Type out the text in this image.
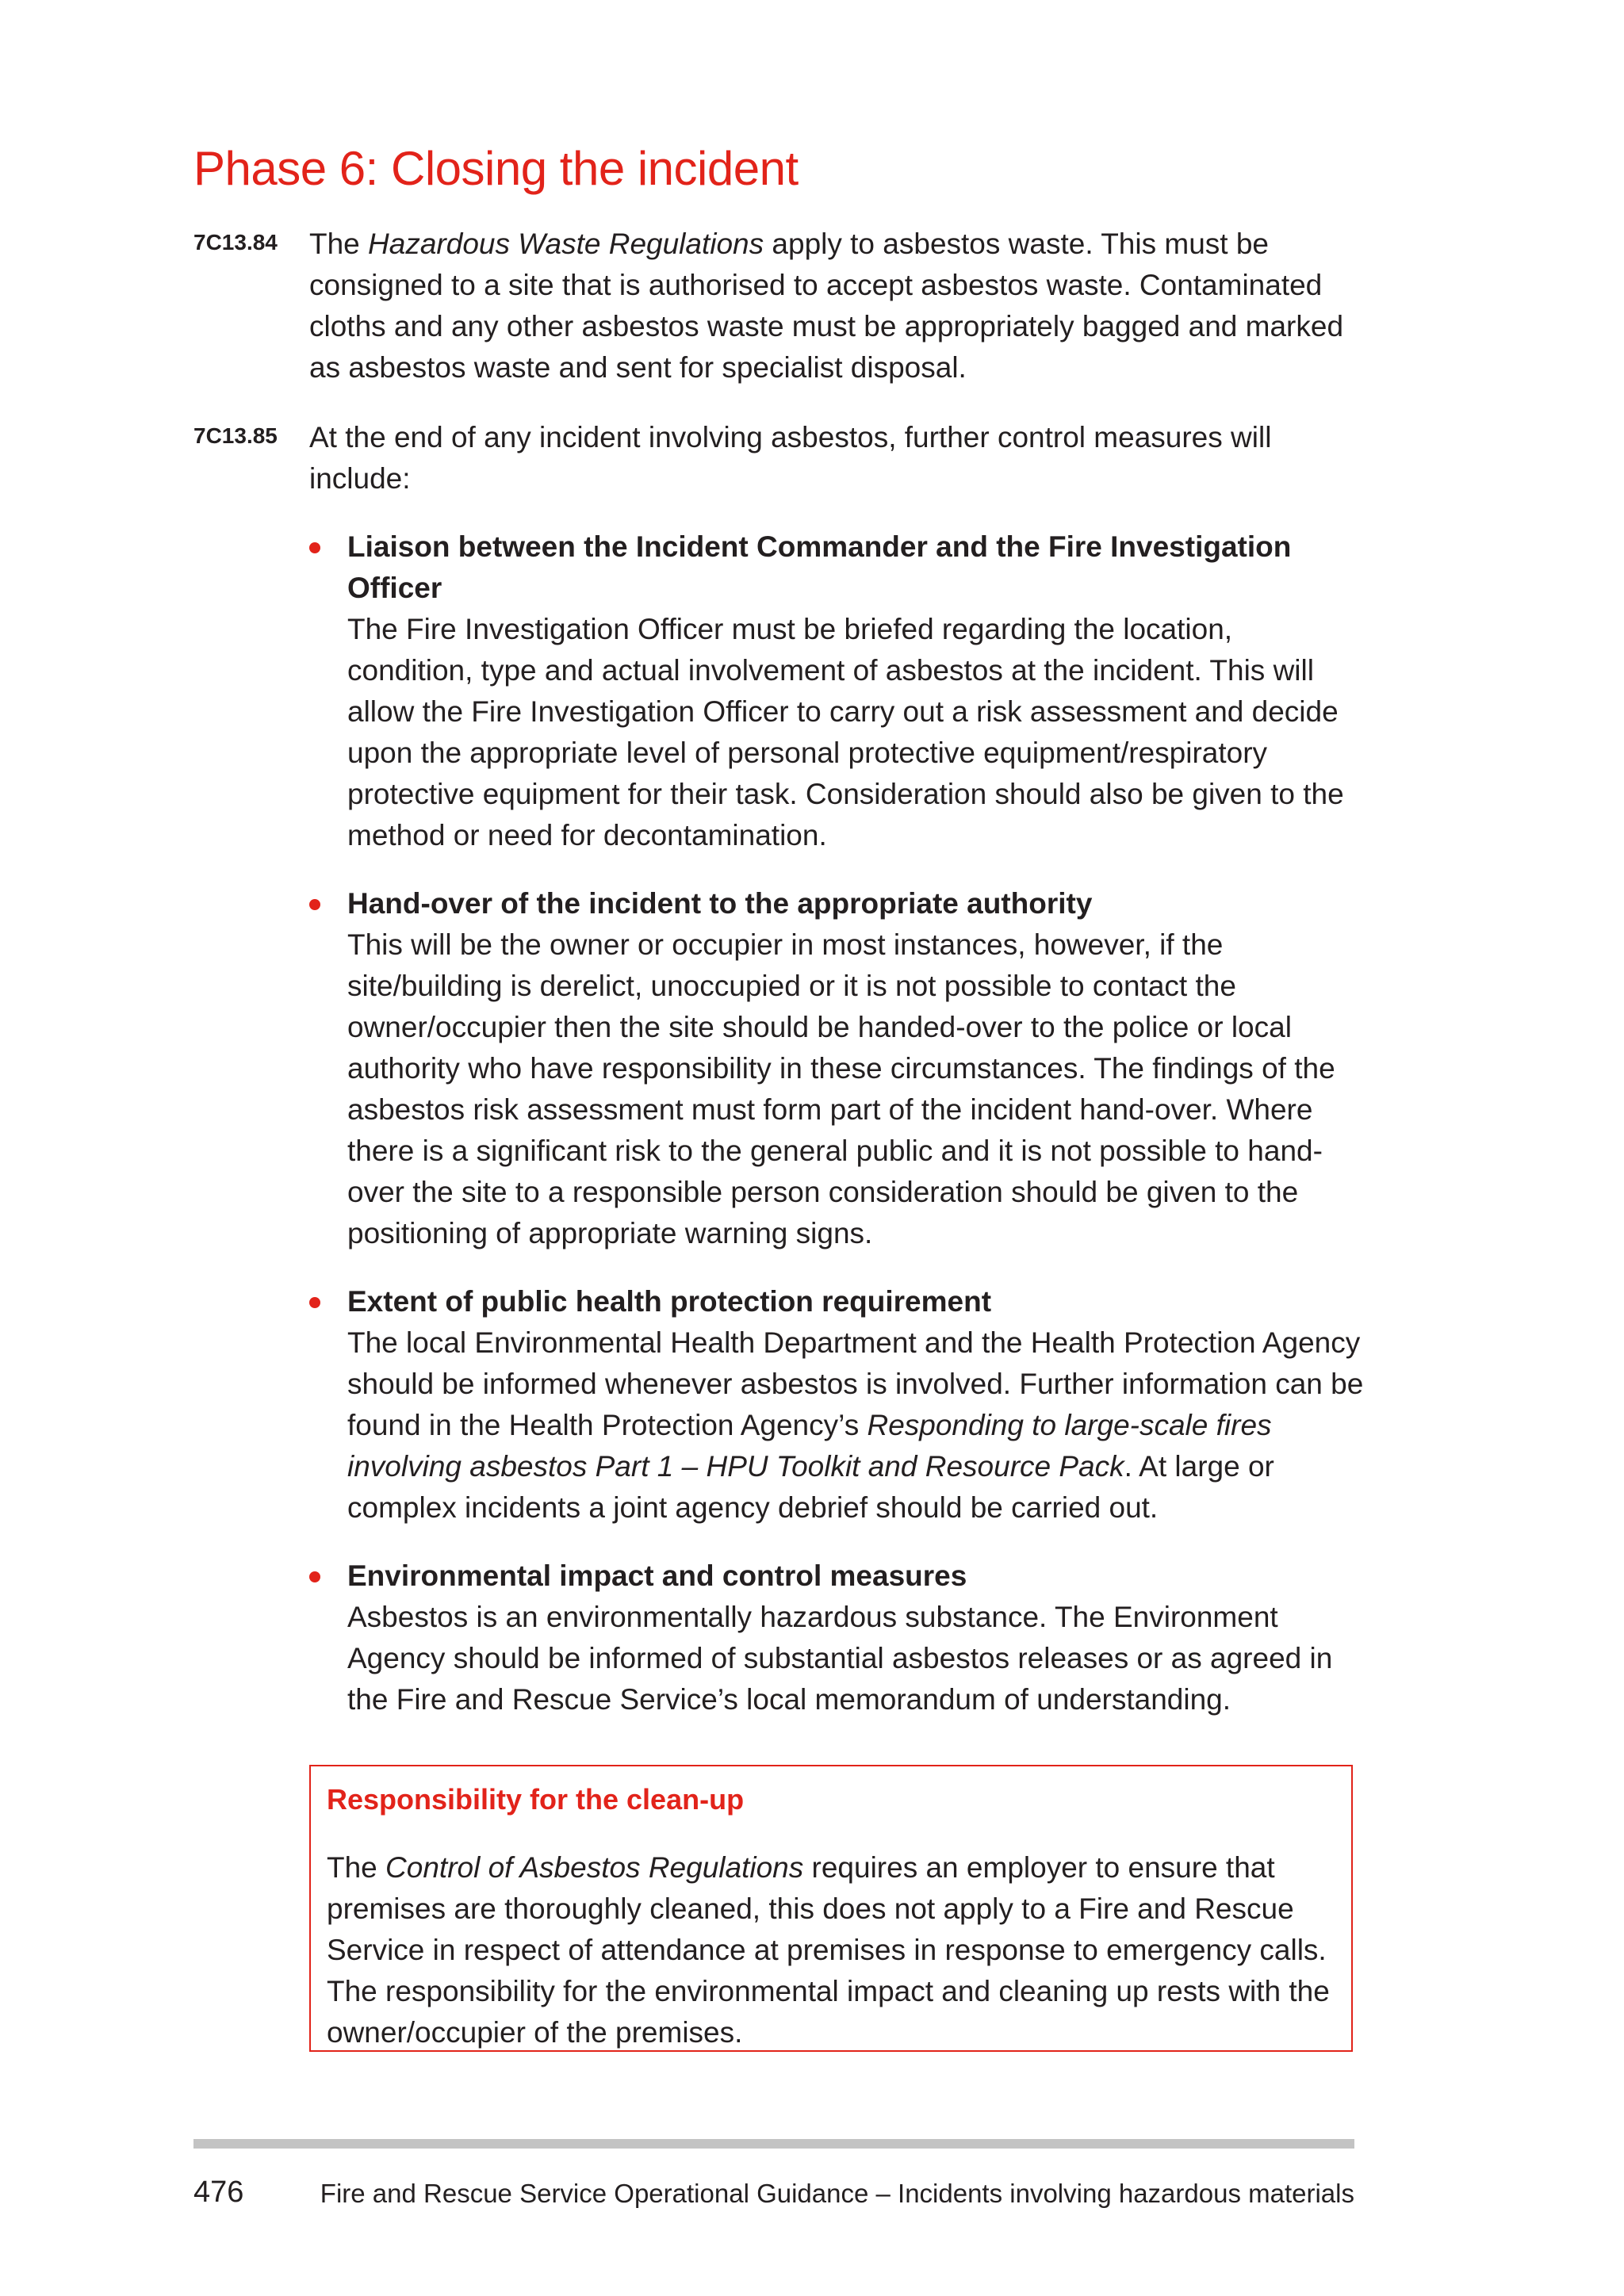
Phase 6: Closing the incident
7C13.84 The Hazardous Waste Regulations apply to asbestos waste. This must be consigned to a site that is authorised to accept asbestos waste. Contaminated cloths and any other asbestos waste must be appropriately bagged and marked as asbestos waste and sent for specialist disposal.
7C13.85 At the end of any incident involving asbestos, further control measures will include:
Liaison between the Incident Commander and the Fire Investigation Officer
The Fire Investigation Officer must be briefed regarding the location, condition, type and actual involvement of asbestos at the incident. This will allow the Fire Investigation Officer to carry out a risk assessment and decide upon the appropriate level of personal protective equipment/respiratory protective equipment for their task. Consideration should also be given to the method or need for decontamination.
Hand-over of the incident to the appropriate authority
This will be the owner or occupier in most instances, however, if the site/building is derelict, unoccupied or it is not possible to contact the owner/occupier then the site should be handed-over to the police or local authority who have responsibility in these circumstances. The findings of the asbestos risk assessment must form part of the incident hand-over. Where there is a significant risk to the general public and it is not possible to hand-over the site to a responsible person consideration should be given to the positioning of appropriate warning signs.
Extent of public health protection requirement
The local Environmental Health Department and the Health Protection Agency should be informed whenever asbestos is involved. Further information can be found in the Health Protection Agency’s Responding to large-scale fires involving asbestos Part 1 – HPU Toolkit and Resource Pack. At large or complex incidents a joint agency debrief should be carried out.
Environmental impact and control measures
Asbestos is an environmentally hazardous substance. The Environment Agency should be informed of substantial asbestos releases or as agreed in the Fire and Rescue Service’s local memorandum of understanding.
Responsibility for the clean-up
The Control of Asbestos Regulations requires an employer to ensure that premises are thoroughly cleaned, this does not apply to a Fire and Rescue Service in respect of attendance at premises in response to emergency calls. The responsibility for the environmental impact and cleaning up rests with the owner/occupier of the premises.
476	Fire and Rescue Service Operational Guidance – Incidents involving hazardous materials
